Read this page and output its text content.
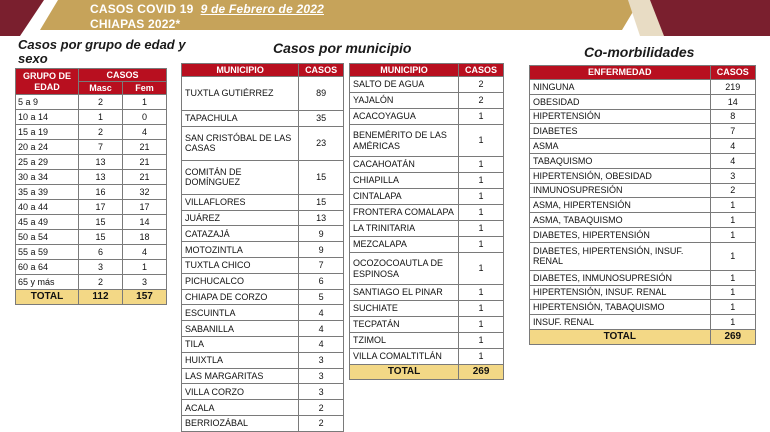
CASOS COVID 19 9 de Febrero de 2022
CHIAPAS 2022*
Casos por grupo de edad y sexo
Casos por municipio	Co-morbilidades
GRUPO DE EDAD	CASOS	
	Masc	Fem
5 a 9	2	1
10 a 14	1	0
15 a 19	2	4
20 a 24	7	21
25 a 29	13	21
30 a 34	13	21
35 a 39	16	32
40 a 44	17	17
45 a 49	15	14
50 a 54	15	18
55 a 59	6	4
60 a 64	3	1
65 y más	2	3
TOTAL	112	157
MUNICIPIO	CASOS
TUXTLA GUTIÉRREZ	89
TAPACHULA	35
SAN CRISTÓBAL DE LAS CASAS	23
COMITÁN DE DOMÍNGUEZ	15
VILLAFLORES	15
JUÁREZ	13
CATAZAJÁ	9
MOTOZINTLA	9
TUXTLA CHICO	7
PICHUCALCO	6
CHIAPA DE CORZO	5
ESCUINTLA	4
SABANILLA	4
TILA	4
HUIXTLA	3
LAS MARGARITAS	3
VILLA CORZO	3
ACALA	2
BERRIOZÁBAL	2
MUNICIPIO	CASOS
SALTO DE AGUA	2
YAJALÓN	2
ACACOYAGUA	1
BENEMÉRITO DE LAS AMÉRICAS	1
CACAHOATÁN	1
CHIAPILLA	1
CINTALAPA	1
FRONTERA COMALAPA	1
LA TRINITARIA	1
MEZCALAPA	1
OCOZOCOAUTLA DE ESPINOSA	1
SANTIAGO EL PINAR	1
SUCHIATE	1
TECPATÁN	1
TZIMOL	1
VILLA COMALTITLÁN	1
TOTAL	269
ENFERMEDAD	CASOS
NINGUNA	219
OBESIDAD	14
HIPERTENSIÓN	8
DIABETES	7
ASMA	4
TABAQUISMO	4
HIPERTENSIÓN, OBESIDAD	3
INMUNOSUPRESIÓN	2
ASMA, HIPERTENSIÓN	1
ASMA, TABAQUISMO	1
DIABETES, HIPERTENSIÓN	1
DIABETES, HIPERTENSIÓN, INSUF. RENAL	1
DIABETES, INMUNOSUPRESIÓN	1
HIPERTENSIÓN, INSUF. RENAL	1
HIPERTENSIÓN, TABAQUISMO	1
INSUF. RENAL	1
TOTAL	269
